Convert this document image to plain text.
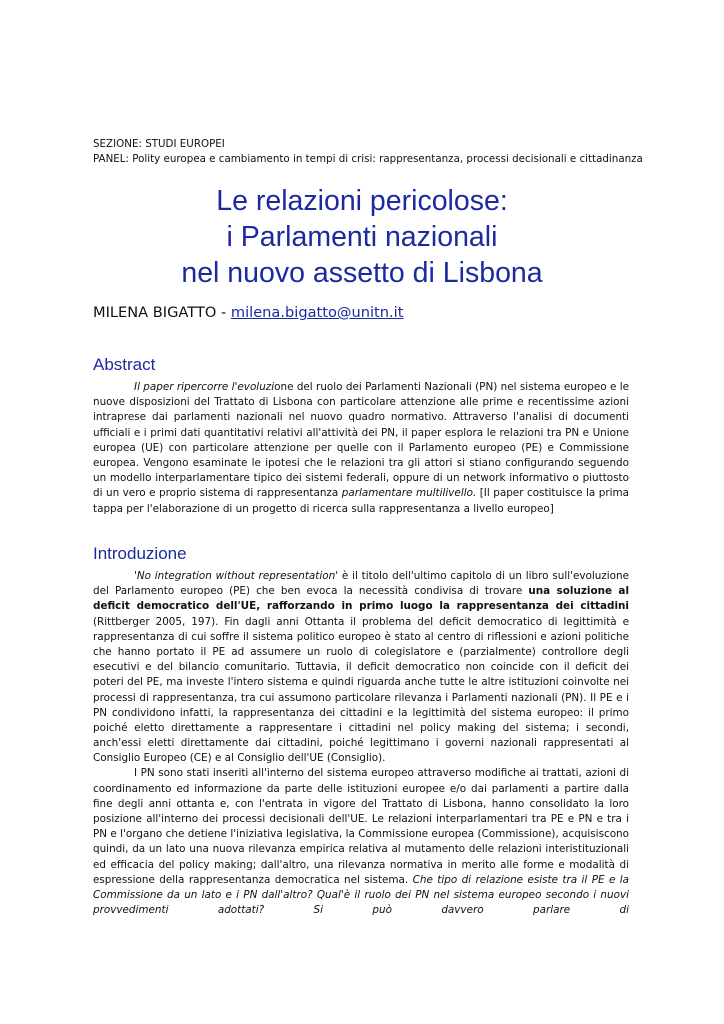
SEZIONE: STUDI EUROPEI
PANEL: Polity europea e cambiamento in tempi di crisi: rappresentanza, processi decisionali e cittadinanza
Le relazioni pericolose:
i Parlamenti nazionali
nel nuovo assetto di Lisbona
MILENA BIGATTO - milena.bigatto@unitn.it
Abstract

Il paper ripercorre l'evoluzione del ruolo dei Parlamenti Nazionali (PN) nel sistema europeo e le nuove disposizioni del Trattato di Lisbona con particolare attenzione alle prime e recentissime azioni intraprese dai parlamenti nazionali nel nuovo quadro normativo. Attraverso l'analisi di documenti ufficiali e i primi dati quantitativi relativi all'attività dei PN, il paper esplora le relazioni tra PN e Unione europea (UE) con particolare attenzione per quelle con il Parlamento europeo (PE) e Commissione europea. Vengono esaminate le ipotesi che le relazioni tra gli attori si stiano configurando seguendo un modello interparlamentare tipico dei sistemi federali, oppure di un network informativo o piuttosto di un vero e proprio sistema di rappresentanza parlamentare multilivello. [Il paper costituisce la prima tappa per l'elaborazione di un progetto di ricerca sulla rappresentanza a livello europeo]

Introduzione

'No integration without representation' è il titolo dell'ultimo capitolo di un libro sull'evoluzione del Parlamento europeo (PE) che ben evoca la necessità condivisa di trovare una soluzione al deficit democratico dell'UE, rafforzando in primo luogo la rappresentanza dei cittadini (Rittberger 2005, 197). Fin dagli anni Ottanta il problema del deficit democratico di legittimità e rappresentanza di cui soffre il sistema politico europeo è stato al centro di riflessioni e azioni politiche che hanno portato il PE ad assumere un ruolo di colegislatore e (parzialmente) controllore degli esecutivi e del bilancio comunitario. Tuttavia, il deficit democratico non coincide con il deficit dei poteri del PE, ma investe l'intero sistema e quindi riguarda anche tutte le altre istituzioni coinvolte nei processi di rappresentanza, tra cui assumono particolare rilevanza i Parlamenti nazionali (PN). Il PE e i PN condividono infatti, la rappresentanza dei cittadini e la legittimità del sistema europeo: il primo poiché eletto direttamente a rappresentare i cittadini nel policy making del sistema; i secondi, anch'essi eletti direttamente dai cittadini, poiché legittimano i governi nazionali rappresentati al Consiglio Europeo (CE) e al Consiglio dell'UE (Consiglio).

I PN sono stati inseriti all'interno del sistema europeo attraverso modifiche ai trattati, azioni di coordinamento ed informazione da parte delle istituzioni europee e/o dai parlamenti a partire dalla fine degli anni ottanta e, con l'entrata in vigore del Trattato di Lisbona, hanno consolidato la loro posizione all'interno dei processi decisionali dell'UE. Le relazioni interparlamentari tra PE e PN e tra i PN e l'organo che detiene l'iniziativa legislativa, la Commissione europea (Commissione), acquisiscono quindi, da un lato una nuova rilevanza empirica relativa al mutamento delle relazioni interistituzionali ed efficacia del policy making; dall'altro, una rilevanza normativa in merito alle forme e modalità di espressione della rappresentanza democratica nel sistema. Che tipo di relazione esiste tra il PE e la Commissione da un lato e i PN dall'altro? Qual'è il ruolo dei PN nel sistema europeo secondo i nuovi provvedimenti adottati? Si può davvero parlare di
